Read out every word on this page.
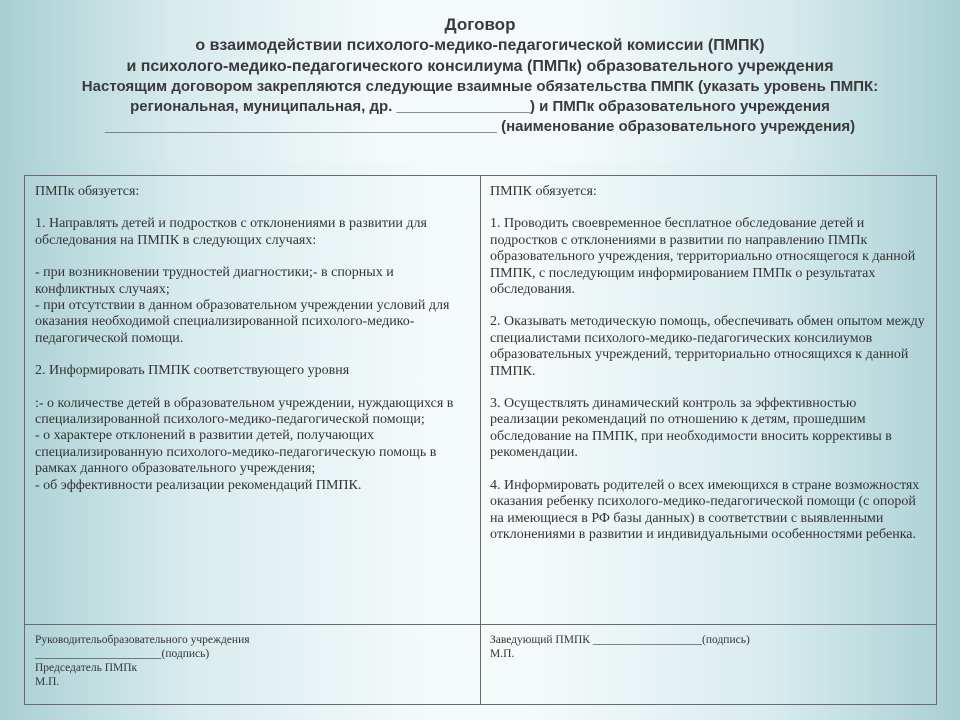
Договор
о взаимодействии психолого-медико-педагогической комиссии (ПМПК)
и психолого-медико-педагогического консилиума (ПМПк) образовательного учреждения
Настоящим договором закрепляются следующие взаимные обязательства ПМПК (указать уровень ПМПК:
региональная, муниципальная, др. ________________) и ПМПк образовательного учреждения
_______________________________________________ (наименование образовательного учреждения)

ПМПк обязуется:

1. Направлять детей и подростков с отклонениями в развитии для обследования на ПМПК в следующих случаях:

- при возникновении трудностей диагностики;- в спорных и конфликтных случаях;

- при отсутствии в данном образовательном учреждении условий для оказания необходимой специализированной психолого-медико-педагогической помощи.

2. Информировать ПМПК соответствующего уровня

:- о количестве детей в образовательном учреждении, нуждающихся в специализированной психолого-медико-педагогической помощи;

- о характере отклонений в развитии детей, получающих специализированную психолого-медико-педагогическую помощь в рамках данного образовательного учреждения;

- об эффективности реализации рекомендаций ПМПК.

ПМПК обязуется:

1. Проводить своевременное бесплатное обследование детей и подростков с отклонениями в развитии по направлению ПМПк образовательного учреждения, территориально относящегося к данной ПМПК, с последующим информированием ПМПк о результатах обследования.

2. Оказывать методическую помощь, обеспечивать обмен опытом между специалистами психолого-медико-педагогических консилиумов образовательных учреждений, территориально относящихся к данной ПМПК.

3. Осуществлять динамический контроль за эффективностью реализации рекомендаций по отношению к детям, прошедшим обследование на ПМПК, при необходимости вносить коррективы в рекомендации.

4. Информировать родителей о всех имеющихся в стране возможностях оказания ребенку психолого-медико-педагогической помощи (с опорой на имеющиеся в РФ базы данных) в соответствии с выявленными отклонениями в развитии и индивидуальными особенностями ребенка.

Руководительобразовательного учреждения

______________________(подпись)

Председатель ПМПк

М.П.

Заведующий ПМПК ___________________(подпись)

М.П.
